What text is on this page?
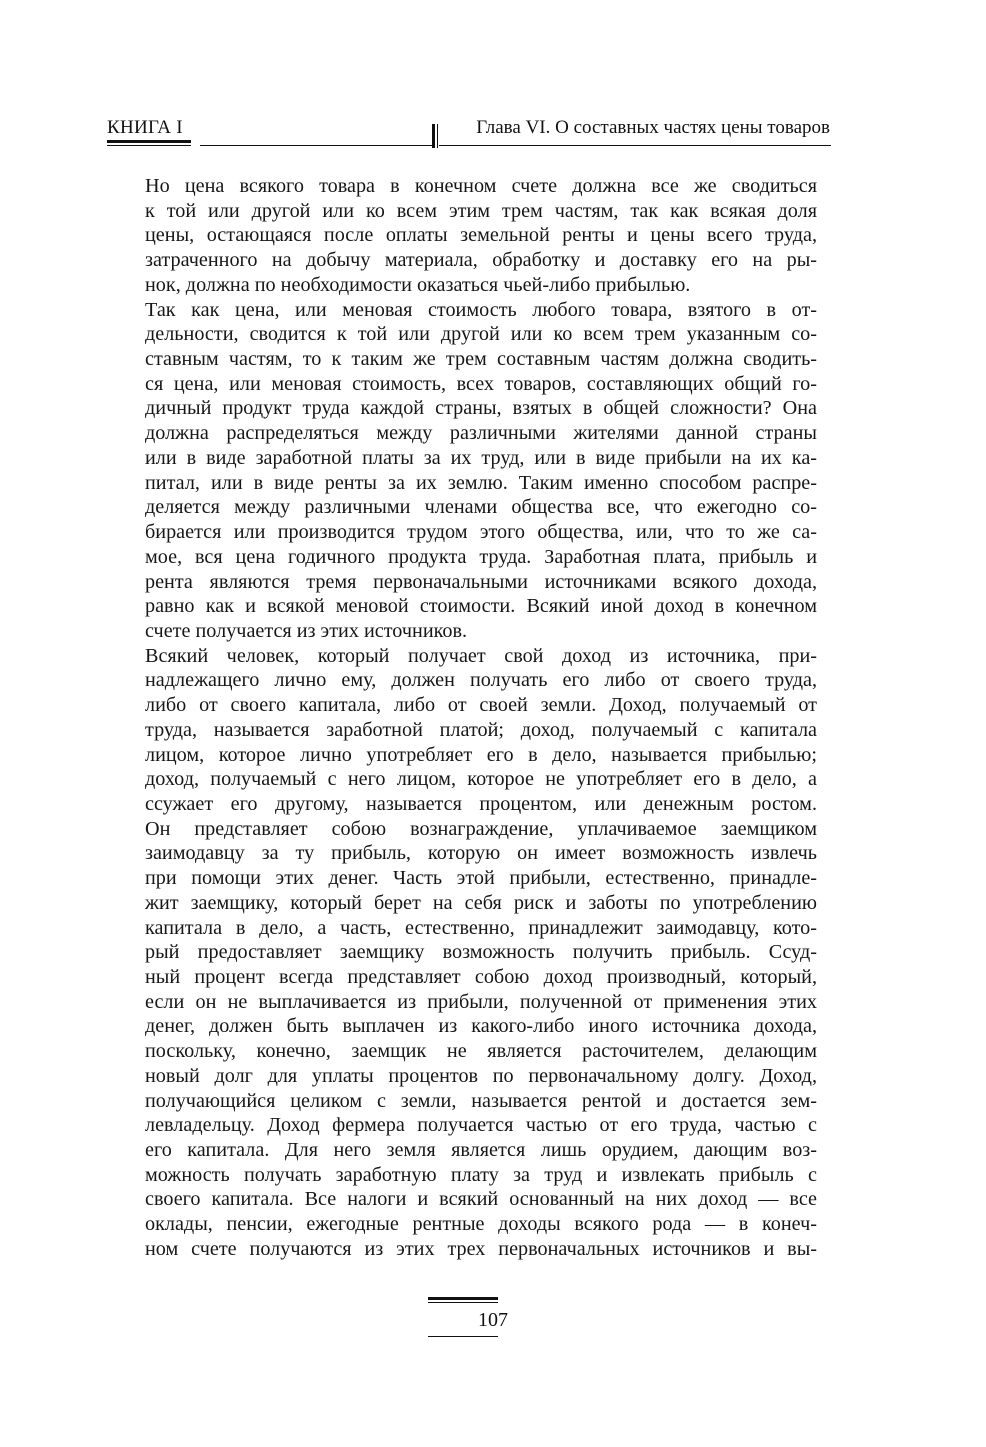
КНИГА I	Глава VI. О составных частях цены товаров

Но цена всякого товара в конечном счете должна все же сводиться
к той или другой или ко всем этим трем частям, так как всякая доля
цены, остающаяся после оплаты земельной ренты и цены всего труда,
затраченного на добычу материала, обработку и доставку его на ры-
нок, должна по необходимости оказаться чьей-либо прибылью.

Так как цена, или меновая стоимость любого товара, взятого в от-
дельности, сводится к той или другой или ко всем трем указанным со-
ставным частям, то к таким же трем составным частям должна сводить-
ся цена, или меновая стоимость, всех товаров, составляющих общий го-
дичный продукт труда каждой страны, взятых в общей сложности? Она
должна распределяться между различными жителями данной страны
или в виде заработной платы за их труд, или в виде прибыли на их ка-
питал, или в виде ренты за их землю. Таким именно способом распре-
деляется между различными членами общества все, что ежегодно со-
бирается или производится трудом этого общества, или, что то же са-
мое, вся цена годичного продукта труда. Заработная плата, прибыль и
рента являются тремя первоначальными источниками всякого дохода,
равно как и всякой меновой стоимости. Всякий иной доход в конечном
счете получается из этих источников.

Всякий человек, который получает свой доход из источника, при-
надлежащего лично ему, должен получать его либо от своего труда,
либо от своего капитала, либо от своей земли. Доход, получаемый от
труда, называется заработной платой; доход, получаемый с капитала
лицом, которое лично употребляет его в дело, называется прибылью;
доход, получаемый с него лицом, которое не употребляет его в дело, а
ссужает его другому, называется процентом, или денежным ростом.
Он представляет собою вознаграждение, уплачиваемое заемщиком
заимодавцу за ту прибыль, которую он имеет возможность извлечь
при помощи этих денег. Часть этой прибыли, естественно, принадле-
жит заемщику, который берет на себя риск и заботы по употреблению
капитала в дело, а часть, естественно, принадлежит заимодавцу, кото-
рый предоставляет заемщику возможность получить прибыль. Ссуд-
ный процент всегда представляет собою доход производный, который,
если он не выплачивается из прибыли, полученной от применения этих
денег, должен быть выплачен из какого-либо иного источника дохода,
поскольку, конечно, заемщик не является расточителем, делающим
новый долг для уплаты процентов по первоначальному долгу. Доход,
получающийся целиком с земли, называется рентой и достается зем-
левладельцу. Доход фермера получается частью от его труда, частью с
его капитала. Для него земля является лишь орудием, дающим воз-
можность получать заработную плату за труд и извлекать прибыль с
своего капитала. Все налоги и всякий основанный на них доход — все
оклады, пенсии, ежегодные рентные доходы всякого рода — в конеч-
ном счете получаются из этих трех первоначальных источников и вы-

107
